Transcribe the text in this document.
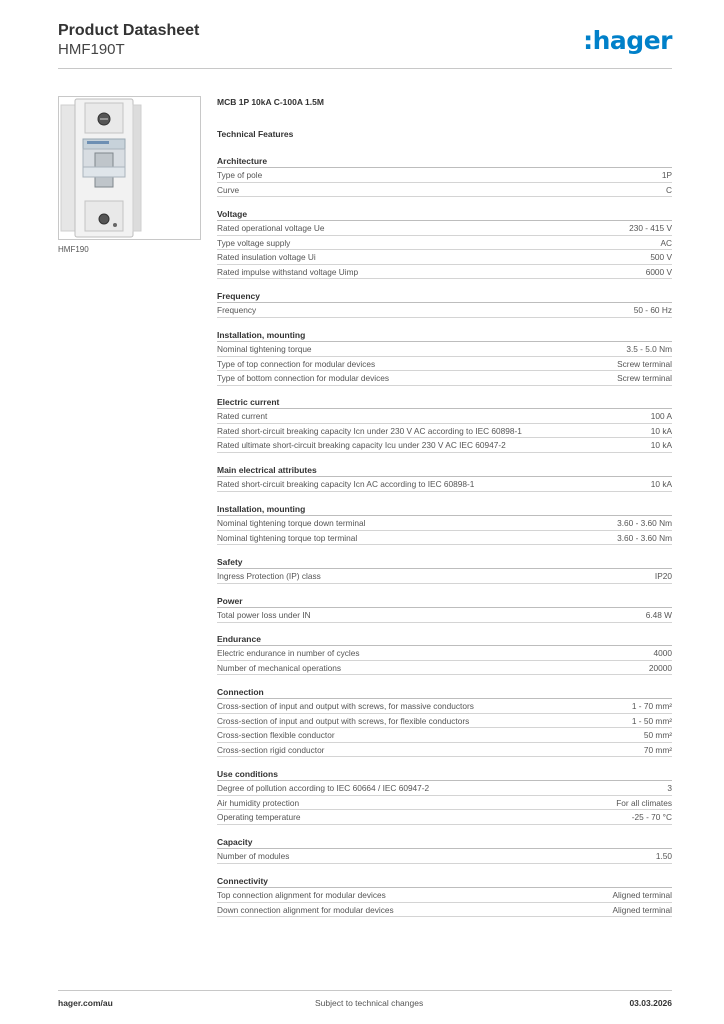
Product Datasheet
HMF190T	:hager
HMF190
MCB 1P 10kA C-100A 1.5M
Technical Features
Architecture
Type of pole	1P
Curve	C
Voltage
Rated operational voltage Ue	230 - 415 V
Type voltage supply	AC
Rated insulation voltage Ui	500 V
Rated impulse withstand voltage Uimp	6000 V
Frequency
Frequency	50 - 60 Hz
Installation, mounting
Nominal tightening torque	3.5 - 5.0 Nm
Type of top connection for modular devices	Screw terminal
Type of bottom connection for modular devices	Screw terminal
Electric current
Rated current	100 A
Rated short-circuit breaking capacity Icn under 230 V AC according to IEC 60898-1	10 kA
Rated ultimate short-circuit breaking capacity Icu under 230 V AC IEC 60947-2	10 kA
Main electrical attributes
Rated short-circuit breaking capacity Icn AC according to IEC 60898-1	10 kA
Installation, mounting
Nominal tightening torque down terminal	3.60 - 3.60 Nm
Nominal tightening torque top terminal	3.60 - 3.60 Nm
Safety
Ingress Protection (IP) class	IP20
Power
Total power loss under IN	6.48 W
Endurance
Electric endurance in number of cycles	4000
Number of mechanical operations	20000
Connection
Cross-section of input and output with screws, for massive conductors	1 - 70 mm²
Cross-section of input and output with screws, for flexible conductors	1 - 50 mm²
Cross-section flexible conductor	50 mm²
Cross-section rigid conductor	70 mm²
Use conditions
Degree of pollution according to IEC 60664 / IEC 60947-2	3
Air humidity protection	For all climates
Operating temperature	-25 - 70 °C
Capacity
Number of modules	1.50
Connectivity
Top connection alignment for modular devices	Aligned terminal
Down connection alignment for modular devices	Aligned terminal
hager.com/au	Subject to technical changes	03.03.2026
